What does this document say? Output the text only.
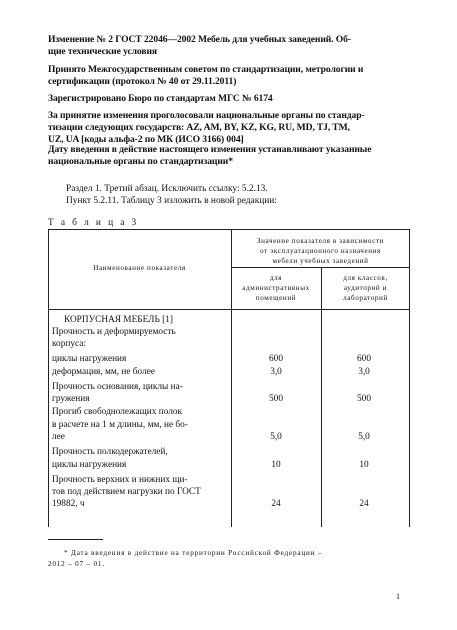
Изменение № 2 ГОСТ 22046—2002 Мебель для учебных заведений. Об-
щие технические условия
Принято Межгосударственным советом по стандартизации, метрологии и
сертификации (протокол № 40 от 29.11.2011)
Зарегистрировано Бюро по стандартам МГС № 6174
За принятие изменения проголосовали национальные органы по стандар-
тизации следующих государств: AZ, AM, BY, KZ, KG, RU, MD, TJ, TM,
UZ, UA [коды альфа-2 по МК (ИСО 3166) 004]
Дату введения в действие настоящего изменения устанавливают указанные
национальные органы по стандартизации*
Раздел 1. Третий абзац. Исключить ссылку: 5.2.13.
Пункт 5.2.11. Таблицу 3 изложить в новой редакции:
Т а б л и ц а 3
Наименование показателя
Значение показателя в зависимости
от эксплуатационного назначения
мебели учебных заведений
для
административных
помещений
для классов,
аудиторий и
лабораторий
КОРПУСНАЯ МЕБЕЛЬ [1]
Прочность и деформируемость
корпуса:
циклы нагружения
деформация, мм, не более
Прочность основания, циклы на-
гружения
Прогиб свободнолежащих полок
в расчете на 1 м длины, мм, не бо-
лее
Прочность полкодержателей,
циклы нагружения
Прочность верхних и нижних щи-
тов под действием нагрузки по ГОСТ
19882, ч
600
3,0
500
5,0
10
24
600
3,0
500
5,0
10
24
* Дата введения в действие на территории Российской Федерации –
2012 – 07 – 01.
1
